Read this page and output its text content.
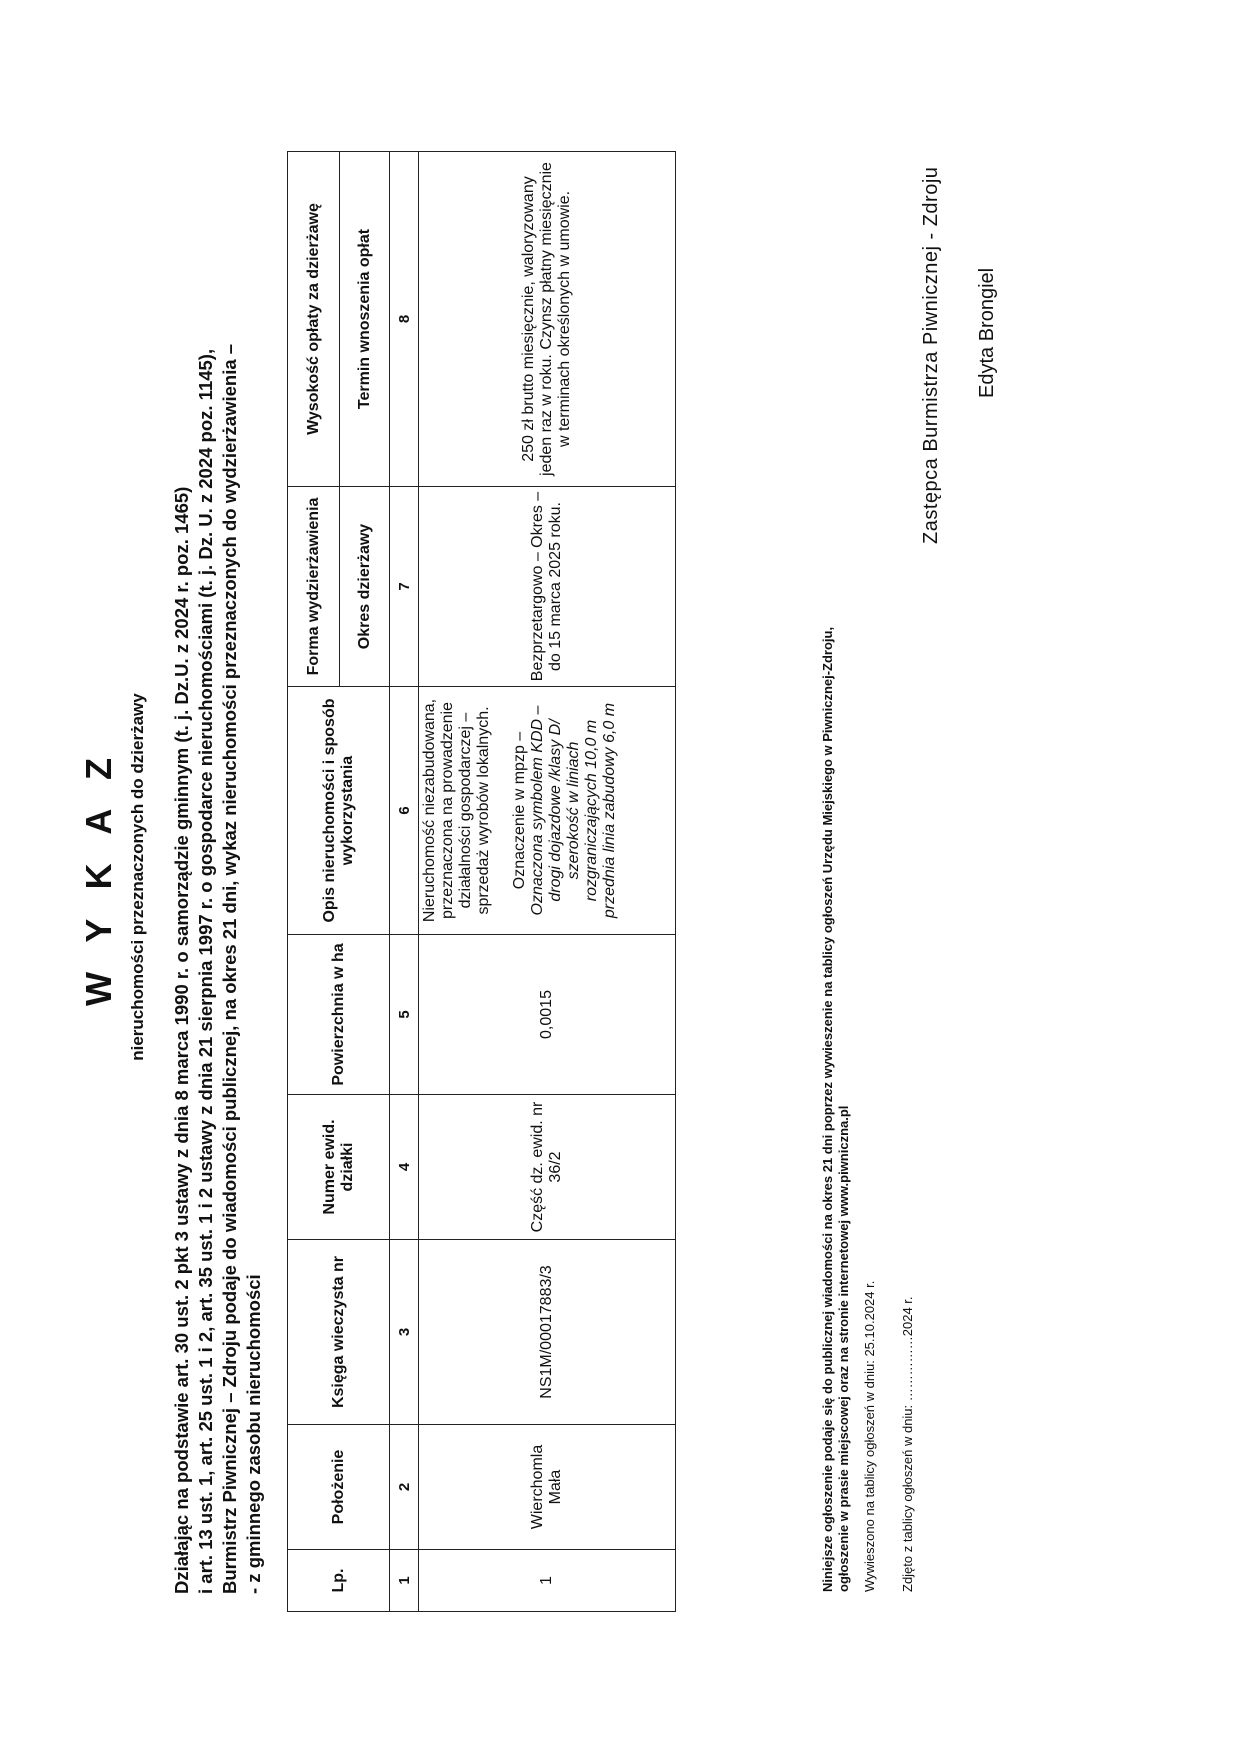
W Y K A Z nieruchomości przeznaczonych do dzierżawy Działając na podstawie art. 30 ust. 2 pkt 3 ustawy z dnia 8 marca 1990 r. o samorządzie gminnym (t. j. Dz.U. z 2024 r. poz. 1465) i art. 13 ust. 1, art. 25 ust. 1 i 2, art. 35 ust. 1 i 2 ustawy z dnia 21 sierpnia 1997 r. o gospodarce nieruchomościami (t. j. Dz. U. z 2024 poz. 1145), Burmistrz Piwnicznej – Zdroju podaje do wiadomości publicznej, na okres 21 dni, wykaz nieruchomości przeznaczonych do wydzierżawienia – - z gminnego zasobu nieruchomości	Lp.	Położenie	Księga wieczysta nr	Numer ewid. działki	Powierzchnia w ha	Opis nieruchomości i sposób wykorzystania	Forma wydzierżawienia	Wysokość opłaty za dzierżawę
						Okres dzierżawy	Termin wnoszenia opłat
1	2	3	4	5	6	7	8
1	Wierchomla Mała	NS1M/00017883/3	Część dz. ewid. nr 36/2	0,0015	Nieruchomość niezabudowana, przeznaczona na prowadzenie działalności gospodarczej – sprzedaż wyrobów lokalnych. Oznaczenie w mpzp – Oznaczona symbolem KDD – drogi dojazdowe /klasy D/ szerokość w liniach rozgraniczających 10,0 m przednia linia zabudowy 6,0 m	Bezprzetargowo – Okres – do 15 marca 2025 roku.	250 zł brutto miesięcznie, waloryzowany jeden raz w roku. Czynsz płatny miesięcznie w terminach określonych w umowie.
Niniejsze ogłoszenie podaje się do publicznej wiadomości na okres 21 dni poprzez wywieszenie na tablicy ogłoszeń Urzędu Miejskiego w Piwnicznej-Zdroju, ogłoszenie w prasie miejscowej oraz na stronie internetowej www.piwniczna.pl Wywieszono na tablicy ogłoszeń w dniu: 25.10.2024 r. Zdjęto z tablicy ogłoszeń w dniu: ……………2024 r.
Zastępca Burmistrza Piwnicznej - Zdroju Edyta Brongiel
